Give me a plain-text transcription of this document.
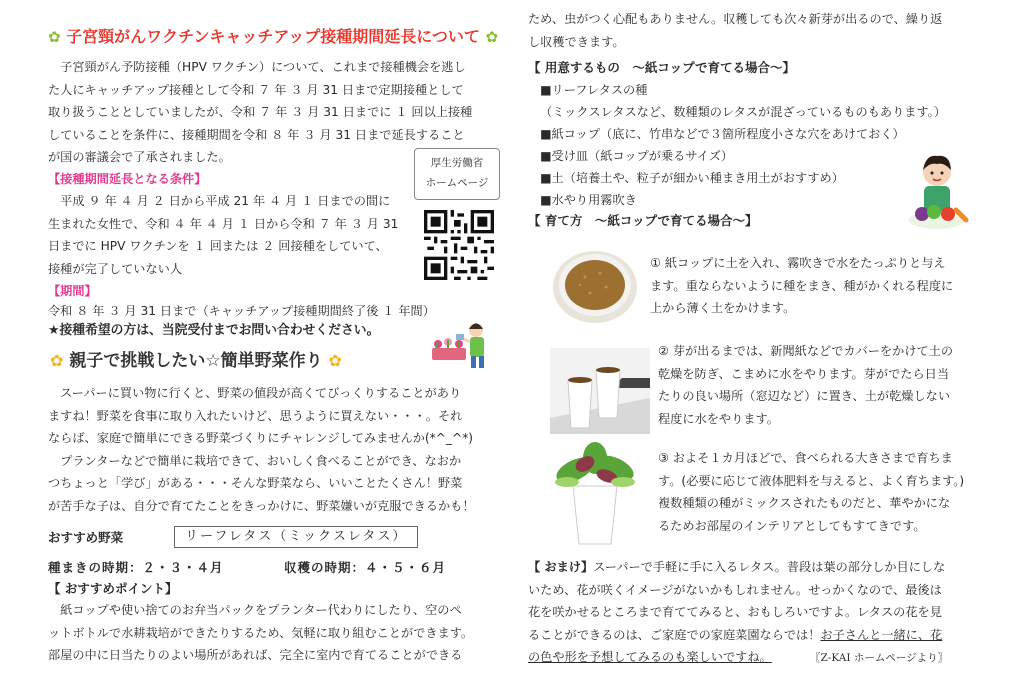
✿ 子宮頸がんワクチンキャッチアップ接種期間延長について ✿

　子宮頸がん予防接種（HPV ワクチン）について、これまで接種機会を逃し

た人にキャッチアップ接種として令和 ７ 年 ３ 月 31 日まで定期接種として

取り扱うこととしていましたが、令和 ７ 年 ３ 月 31 日までに １ 回以上接種

していることを条件に、接種期間を令和 ８ 年 ３ 月 31 日まで延長すること

が国の審議会で了承されました。

【接種期間延長となる条件】

　平成 ９ 年 ４ 月 ２ 日から平成 21 年 ４ 月 １ 日までの間に

生まれた女性で、令和 ４ 年 ４ 月 １ 日から令和 ７ 年 ３ 月 31

日までに HPV ワクチンを １ 回または ２ 回接種をしていて、

接種が完了していない人

厚生労働省
ホームページ
【期間】
令和 ８ 年 ３ 月 31 日まで（キャッチアップ接種期間終了後 １ 年間）
★接種希望の方は、当院受付までお問い合わせください。
✿ 親子で挑戦したい☆簡単野菜作り ✿

　スーパーに買い物に行くと、野菜の値段が高くてびっくりすることがあり

ますね！野菜を食事に取り入れたいけど、思うように買えない・・・。それ

ならば、家庭で簡単にできる野菜づくりにチャレンジしてみませんか(*^_^*)

　プランターなどで簡単に栽培できて、おいしく食べることができ、なおか

つちょっと「学び」がある・・・そんな野菜なら、いいことたくさん！野菜

が苦手な子は、自分で育てたことをきっかけに、野菜嫌いが克服できるかも！

おすすめ野菜	リーフレタス（ミックスレタス）
種まきの時期：２・３・４月	収穫の時期：４・５・６月
【 おすすめポイント】

　紙コップや使い捨てのお弁当パックをプランター代わりにしたり、空のペ

ットボトルで水耕栽培ができたりするため、気軽に取り組むことができます。

部屋の中に日当たりのよい場所があれば、完全に室内で育てることができる

ため、虫がつく心配もありません。収穫しても次々新芽が出るので、繰り返

し収穫できます。

【 用意するもの　～紙コップで育てる場合～】

■リーフレタスの種

（ミックスレタスなど、数種類のレタスが混ざっているものもあります。）

■紙コップ（底に、竹串などで３箇所程度小さな穴をあけておく）

■受け皿（紙コップが乗るサイズ）

■土（培養土や、粒子が細かい種まき用土がおすすめ）

■水やり用霧吹き

【 育て方　～紙コップで育てる場合～】

① 紙コップに土を入れ、霧吹きで水をたっぷりと与え

ます。重ならないように種をまき、種がかくれる程度に

上から薄く土をかけます。

② 芽が出るまでは、新聞紙などでカバーをかけて土の

乾燥を防ぎ、こまめに水をやります。芽がでたら日当

たりの良い場所（窓辺など）に置き、土が乾燥しない

程度に水をやります。

③ およそ１カ月ほどで、食べられる大きさまで育ちま

す。(必要に応じて液体肥料を与えると、よく育ちます。)

複数種類の種がミックスされたものだと、華やかにな

るためお部屋のインテリアとしてもすてきです。

【 おまけ】スーパーで手軽に手に入るレタス。普段は葉の部分しか目にしな

いため、花が咲くイメージがないかもしれません。せっかくなので、最後は

花を咲かせるところまで育ててみると、おもしろいですよ。レタスの花を見

ることができるのは、ご家庭での家庭菜園ならでは！お子さんと一緒に、花

の色や形を予想してみるのも楽しいですね。	〖Z-KAI ホームページより〗
